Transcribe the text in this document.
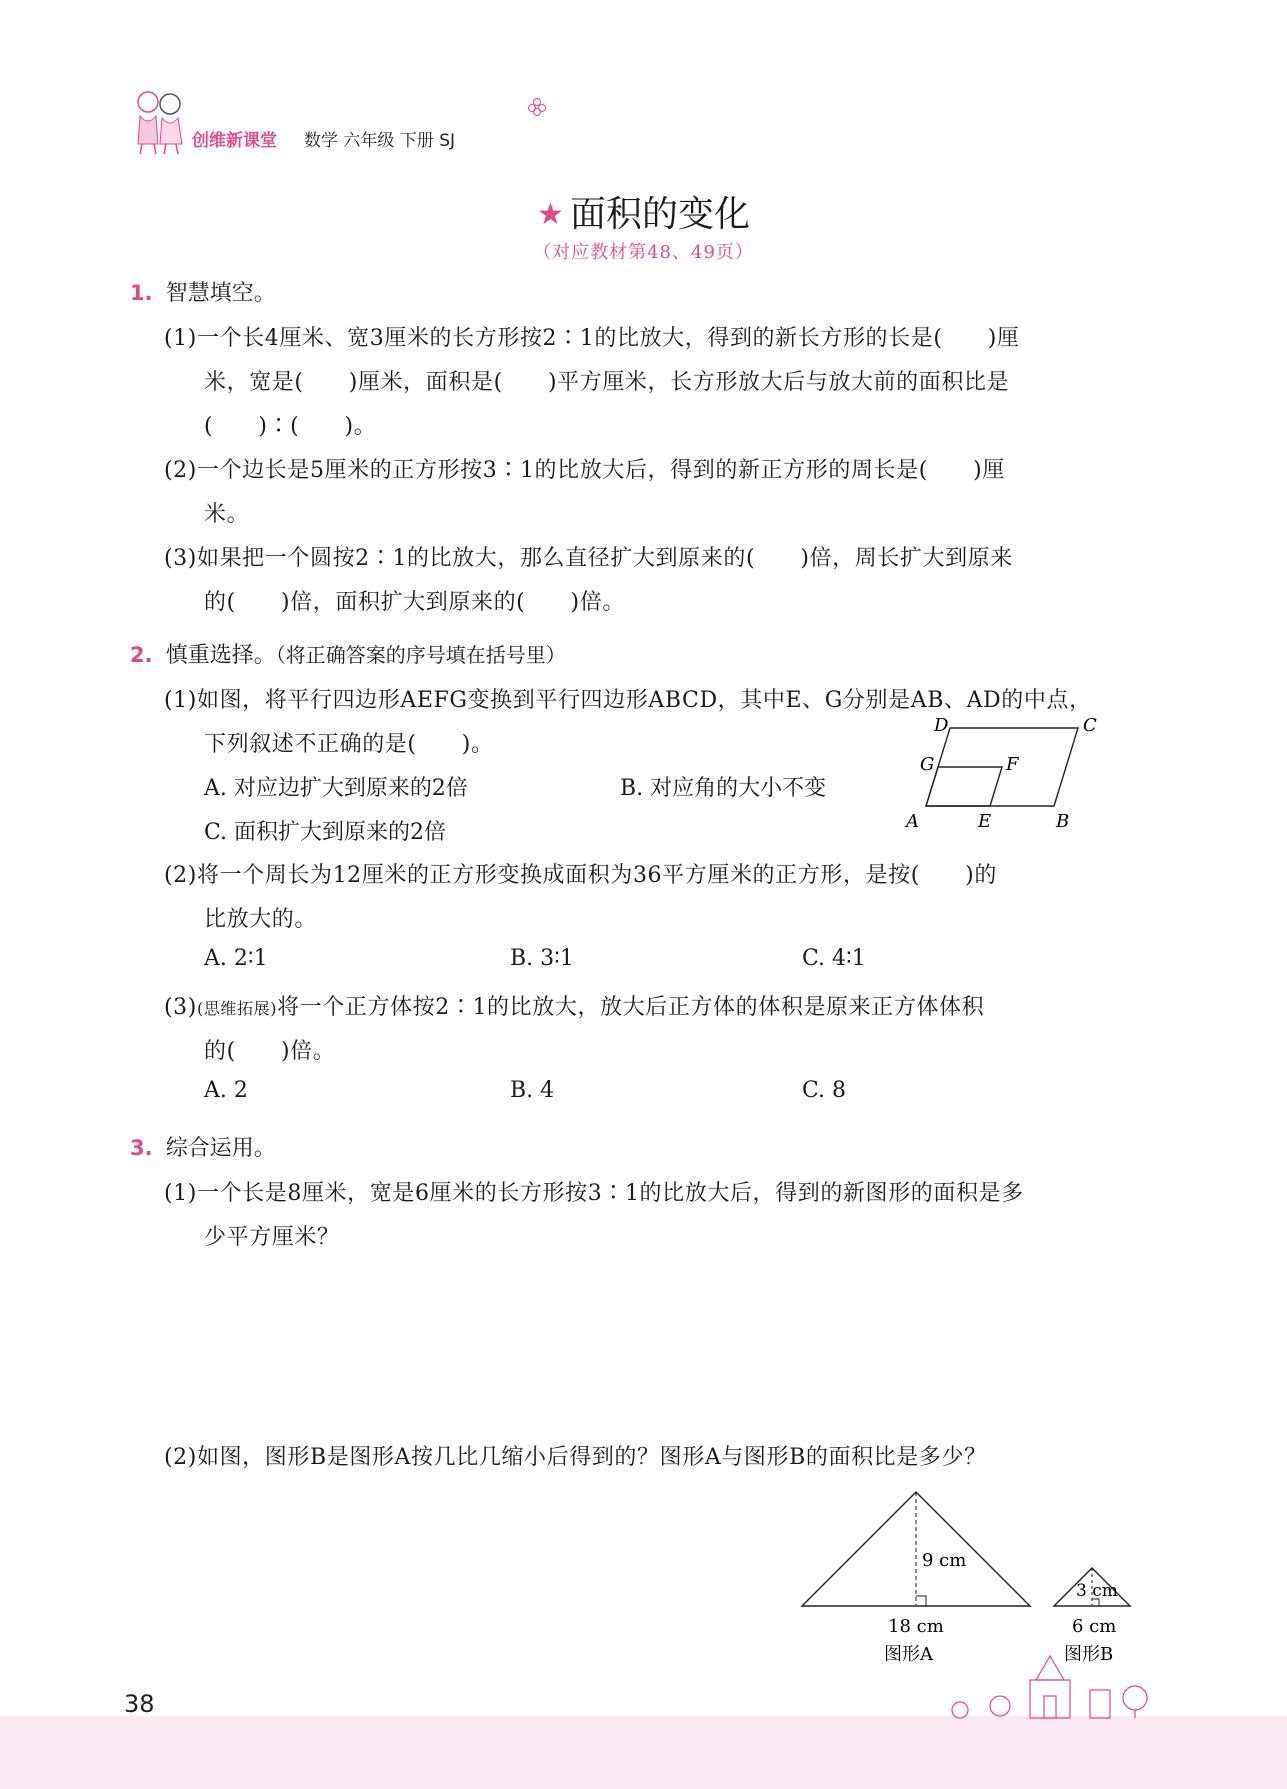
创维新课堂 数学 六年级 下册 SJ
★ 面积的变化
（对应教材第48、49页）
1. 智慧填空。
(1)一个长4厘米、宽3厘米的长方形按2∶1的比放大，得到的新长方形的长是(　　)厘
米，宽是(　　)厘米，面积是(　　)平方厘米，长方形放大后与放大前的面积比是
(　　)∶(　　)。
(2)一个边长是5厘米的正方形按3∶1的比放大后，得到的新正方形的周长是(　　)厘
米。
(3)如果把一个圆按2∶1的比放大，那么直径扩大到原来的(　　)倍，周长扩大到原来
的(　　)倍，面积扩大到原来的(　　)倍。
2. 慎重选择。（将正确答案的序号填在括号里）
(1)如图，将平行四边形AEFG变换到平行四边形ABCD，其中E、G分别是AB、AD的中点，
下列叙述不正确的是(　　)。
A. 对应边扩大到原来的2倍	B. 对应角的大小不变
C. 面积扩大到原来的2倍	A	B
C
D
E
F
G
(2)将一个周长为12厘米的正方形变换成面积为36平方厘米的正方形，是按(　　)的
比放大的。
A. 2∶1	B. 3∶1	C. 4∶1
(3)(思维拓展)将一个正方体按2∶1的比放大，放大后正方体的体积是原来正方体体积
的(　　)倍。
A. 2	B. 4	C. 8
3. 综合运用。
(1)一个长是8厘米，宽是6厘米的长方形按3∶1的比放大后，得到的新图形的面积是多
少平方厘米？
(2)如图，图形B是图形A按几比几缩小后得到的？图形A与图形B的面积比是多少？
9 cm
18 cm
图形A
3 cm
6 cm
图形B
38
